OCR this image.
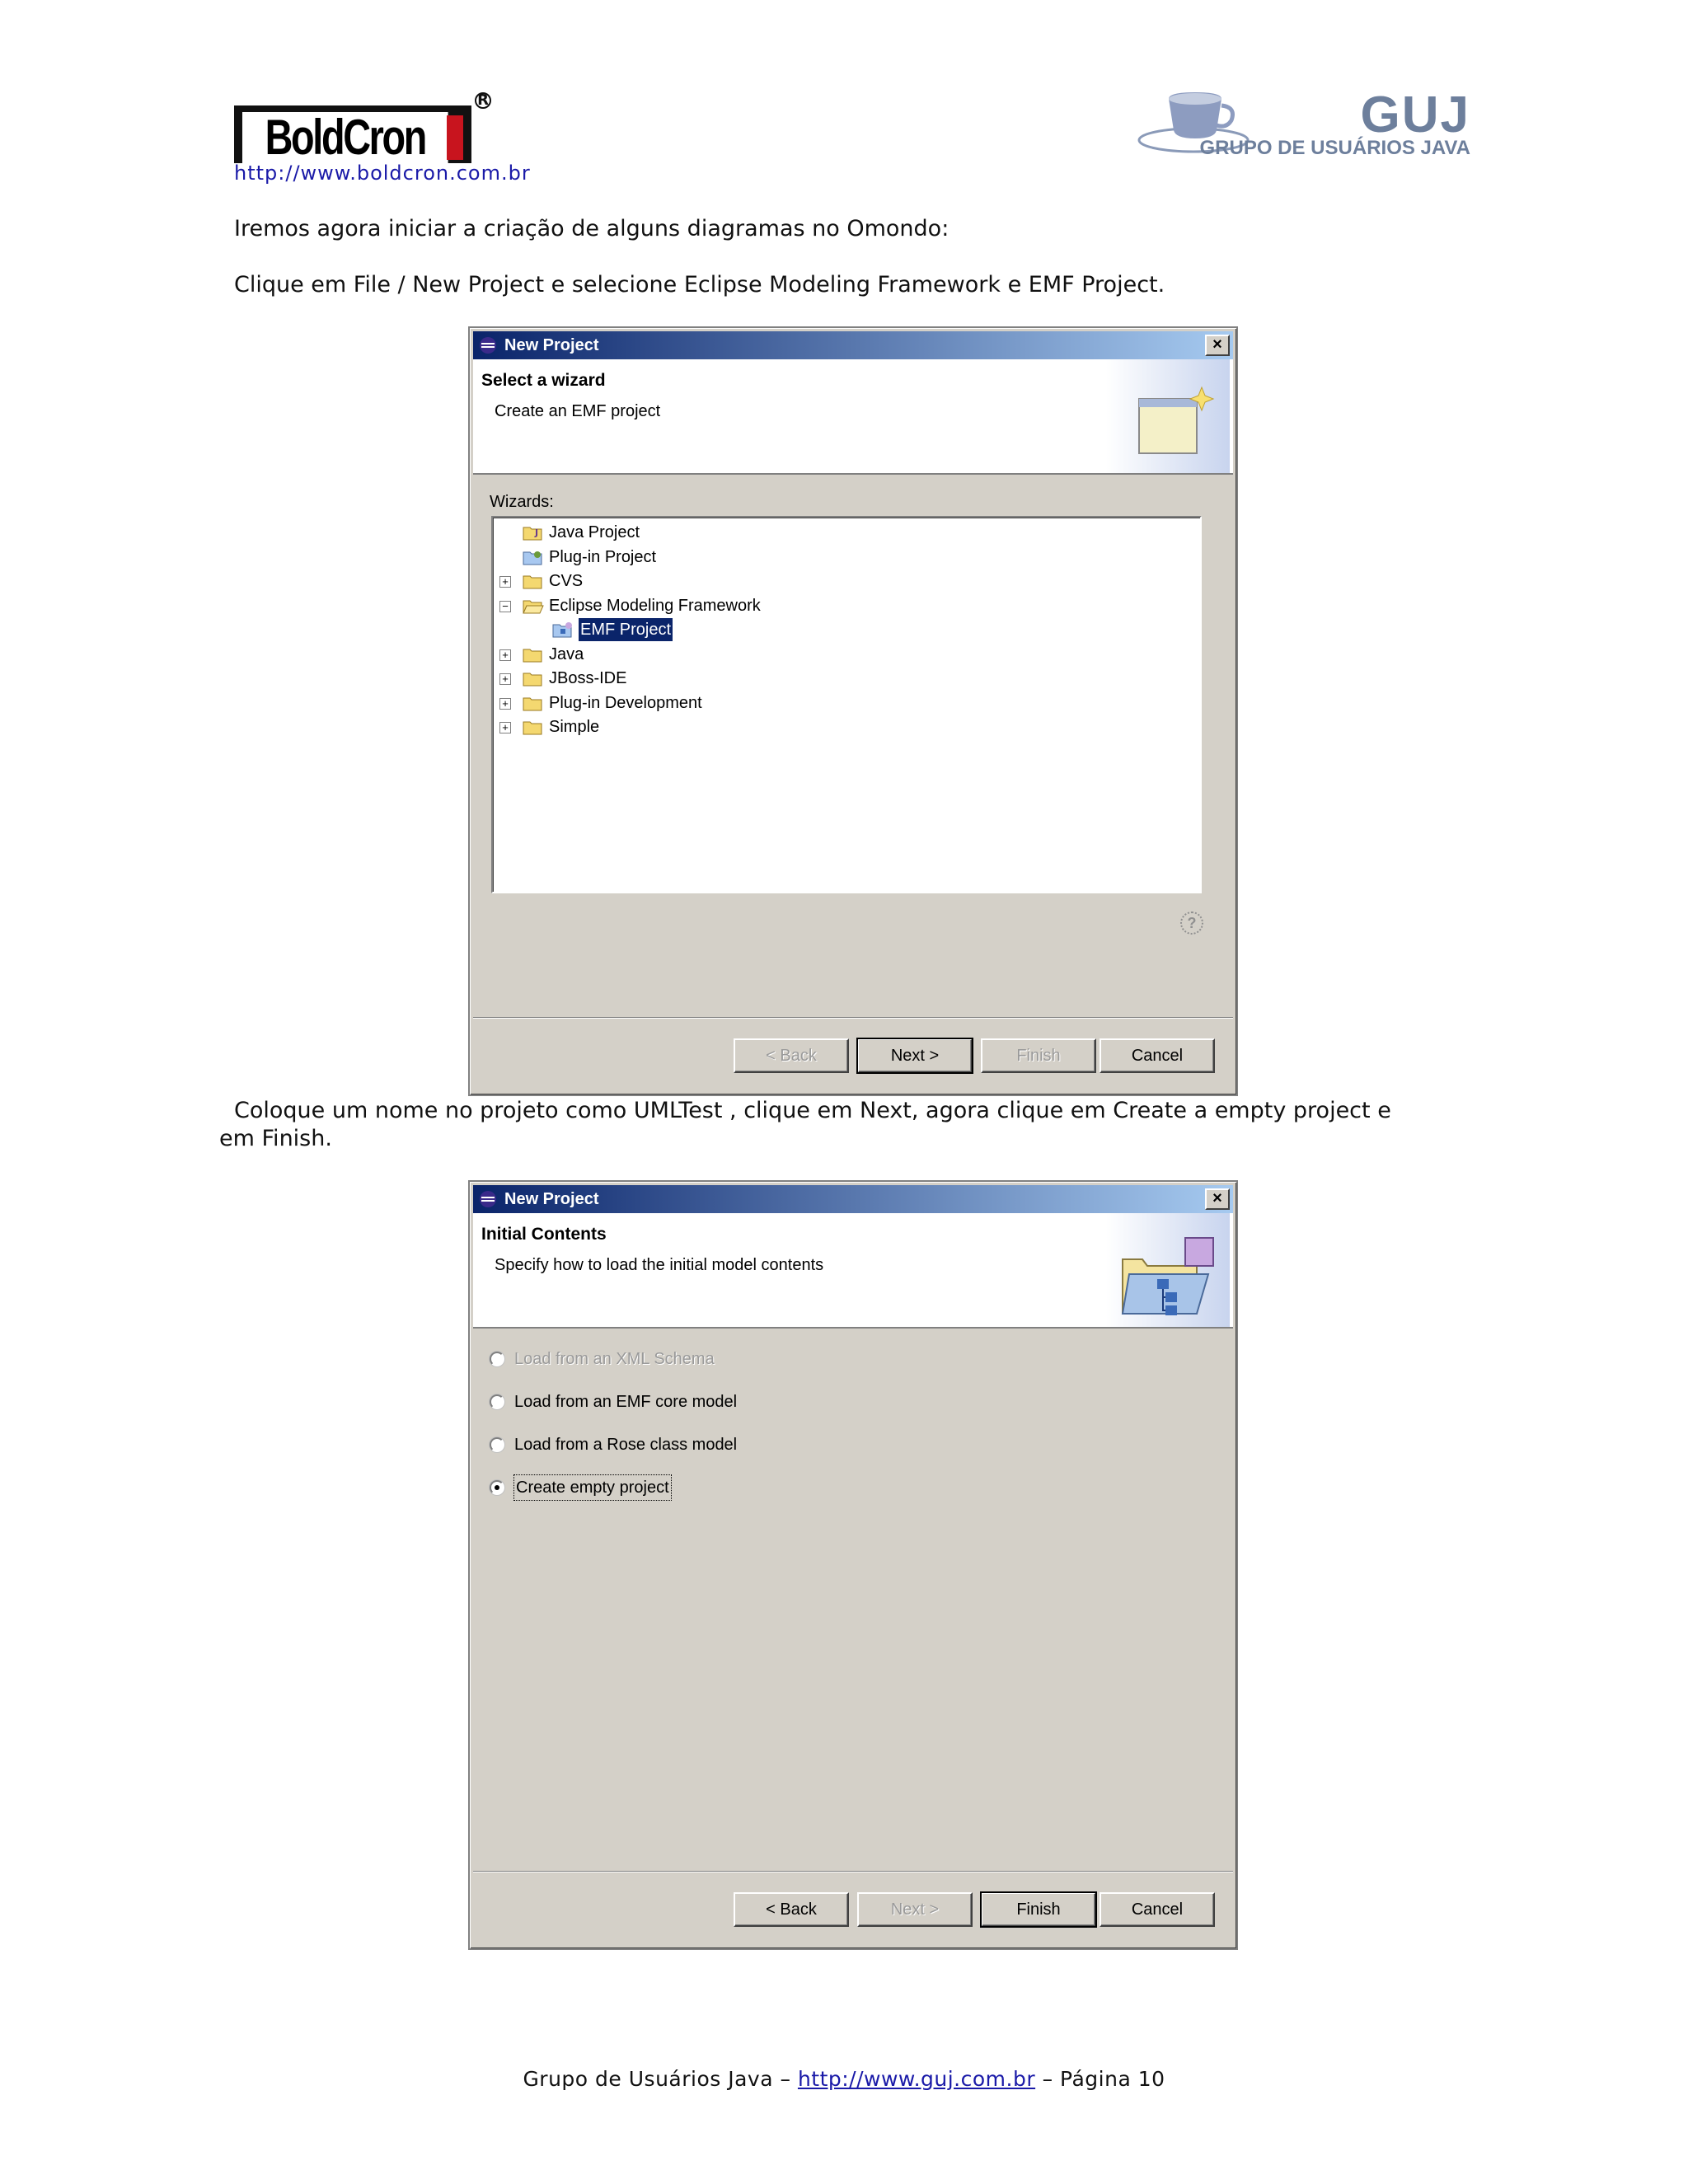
BoldCron
R
http://www.boldcron.com.br
GUJ
GRUPO DE USUÁRIOS JAVA
Iremos agora iniciar a criação de alguns diagramas no Omondo:
Clique em File / New Project e selecione Eclipse Modeling Framework e EMF Project.
New Project	×
Select a wizard
Create an EMF project
Wizards:
J Java Project
Plug-in Project
+ CVS
− Eclipse Modeling Framework
EMF Project
+ Java
+ JBoss-IDE
+ Plug-in Development
+ Simple
?
< Back	Next >	Finish	Cancel
Coloque um nome no projeto como UMLTest , clique em Next, agora clique em Create a empty project e
em Finish.
New Project	×
Initial Contents
Specify how to load the initial model contents
Load from an XML Schema
Load from an EMF core model
Load from a Rose class model
Create empty project
< Back	Next >	Finish	Cancel
Grupo de Usuários Java – http://www.guj.com.br – Página 10
